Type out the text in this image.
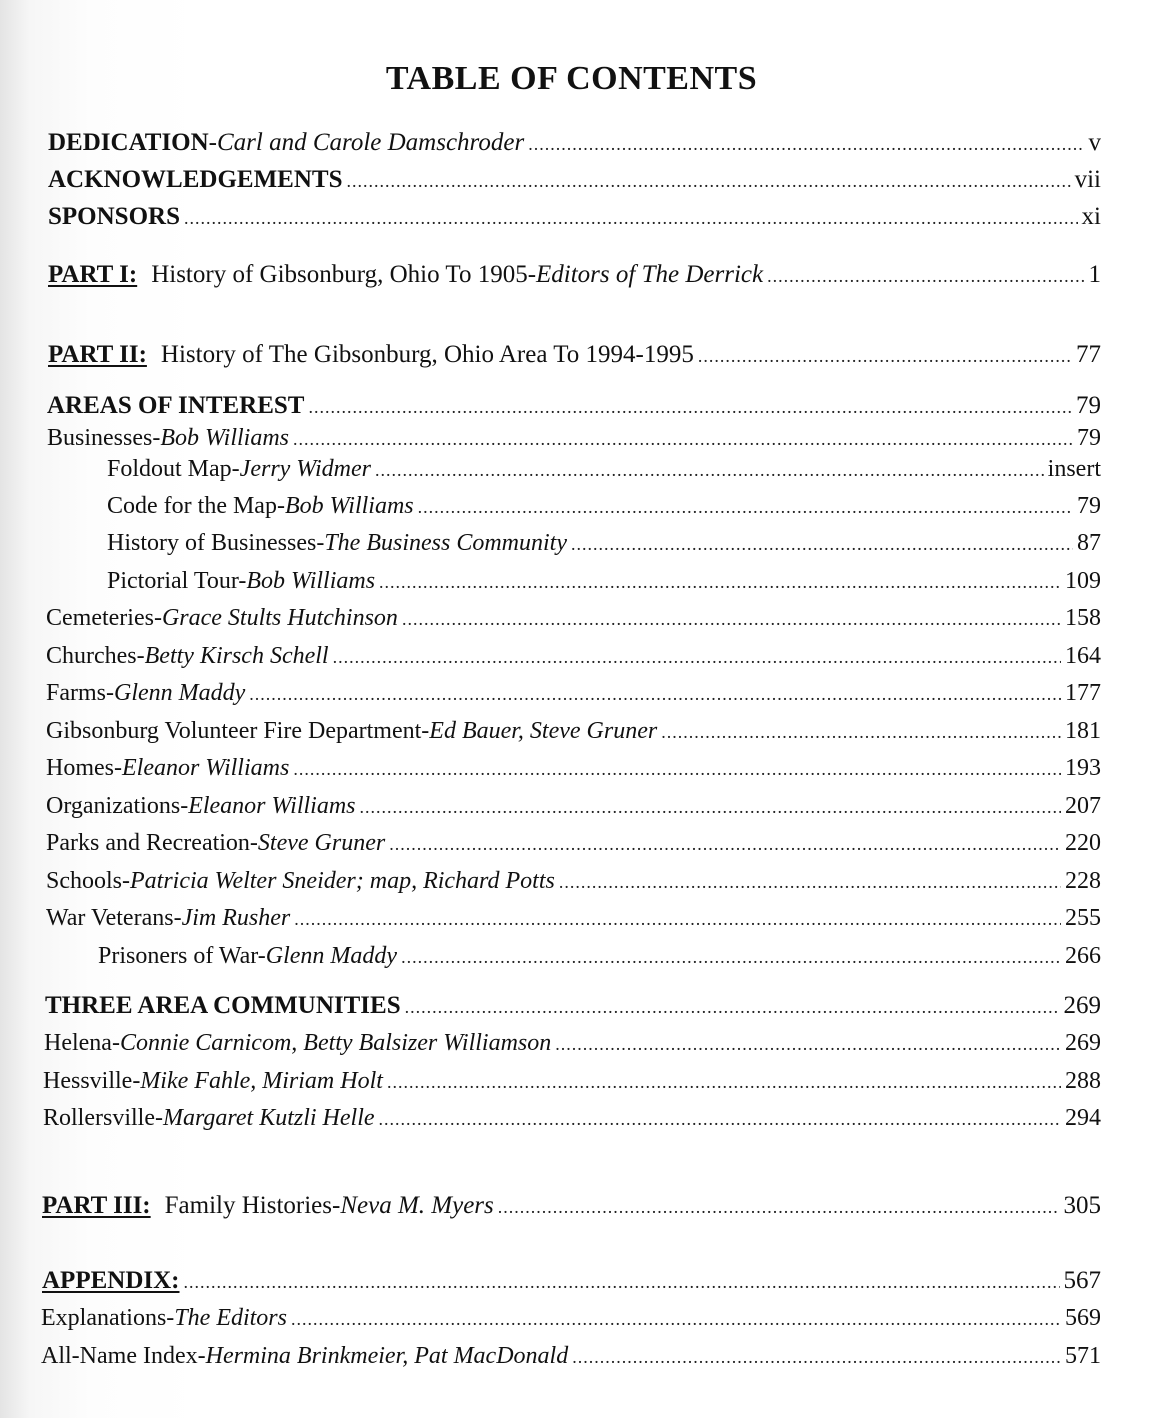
TABLE OF CONTENTS
DEDICATION-Carl and Carole Damschroder .....	v
ACKNOWLEDGEMENTS .....	vii
SPONSORS .....	xi
PART I: History of Gibsonburg, Ohio To 1905-Editors of The Derrick .....	1
PART II: History of The Gibsonburg, Ohio Area To 1994-1995 .....	77
AREAS OF INTEREST .....	79
Businesses-Bob Williams .....	79
Foldout Map-Jerry Widmer .....	insert
Code for the Map-Bob Williams .....	79
History of Businesses-The Business Community .....	87
Pictorial Tour-Bob Williams .....	109
Cemeteries-Grace Stults Hutchinson .....	158
Churches-Betty Kirsch Schell .....	164
Farms-Glenn Maddy .....	177
Gibsonburg Volunteer Fire Department-Ed Bauer, Steve Gruner .....	181
Homes-Eleanor Williams .....	193
Organizations-Eleanor Williams .....	207
Parks and Recreation-Steve Gruner .....	220
Schools-Patricia Welter Sneider; map, Richard Potts .....	228
War Veterans-Jim Rusher .....	255
Prisoners of War-Glenn Maddy .....	266
THREE AREA COMMUNITIES .....	269
Helena-Connie Carnicom, Betty Balsizer Williamson .....	269
Hessville-Mike Fahle, Miriam Holt .....	288
Rollersville-Margaret Kutzli Helle .....	294
PART III: Family Histories-Neva M. Myers .....	305
APPENDIX: .....	567
Explanations-The Editors .....	569
All-Name Index-Hermina Brinkmeier, Pat MacDonald .....	571
